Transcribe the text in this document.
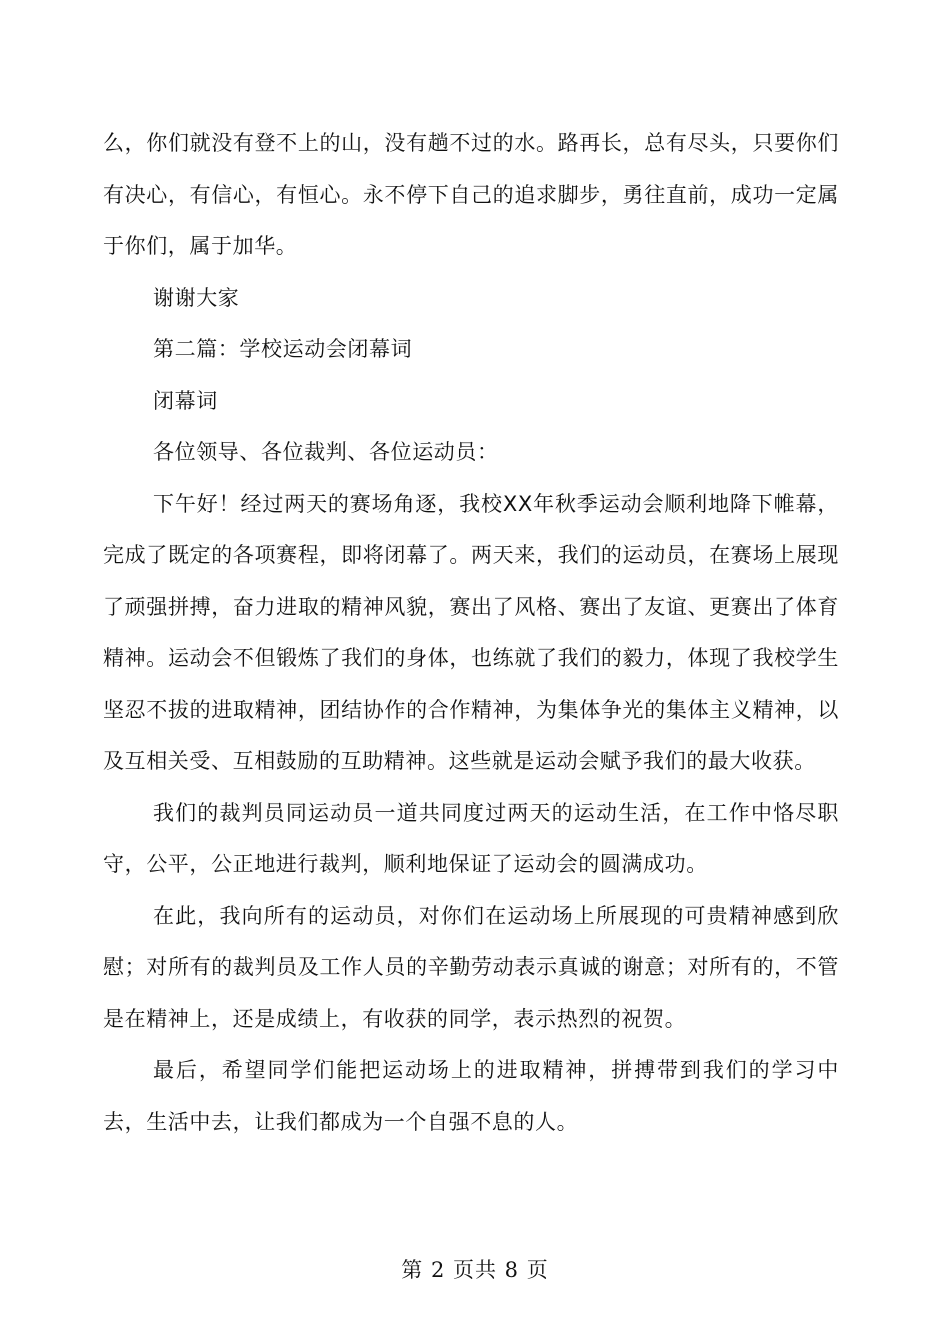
么，你们就没有登不上的山，没有趟不过的水。路再长，总有尽头，只要你们有决心，有信心，有恒心。永不停下自己的追求脚步，勇往直前，成功一定属于你们，属于加华。

谢谢大家

第二篇：学校运动会闭幕词

闭幕词

各位领导、各位裁判、各位运动员：

下午好！经过两天的赛场角逐，我校XX年秋季运动会顺利地降下帷幕，完成了既定的各项赛程，即将闭幕了。两天来，我们的运动员，在赛场上展现了顽强拼搏，奋力进取的精神风貌，赛出了风格、赛出了友谊、更赛出了体育精神。运动会不但锻炼了我们的身体，也练就了我们的毅力，体现了我校学生坚忍不拔的进取精神，团结协作的合作精神，为集体争光的集体主义精神，以及互相关受、互相鼓励的互助精神。这些就是运动会赋予我们的最大收获。

我们的裁判员同运动员一道共同度过两天的运动生活，在工作中恪尽职守，公平，公正地进行裁判，顺利地保证了运动会的圆满成功。

在此，我向所有的运动员，对你们在运动场上所展现的可贵精神感到欣慰；对所有的裁判员及工作人员的辛勤劳动表示真诚的谢意；对所有的，不管是在精神上，还是成绩上，有收获的同学，表示热烈的祝贺。

最后，希望同学们能把运动场上的进取精神，拼搏带到我们的学习中去，生活中去，让我们都成为一个自强不息的人。

第 2 页共 8 页
